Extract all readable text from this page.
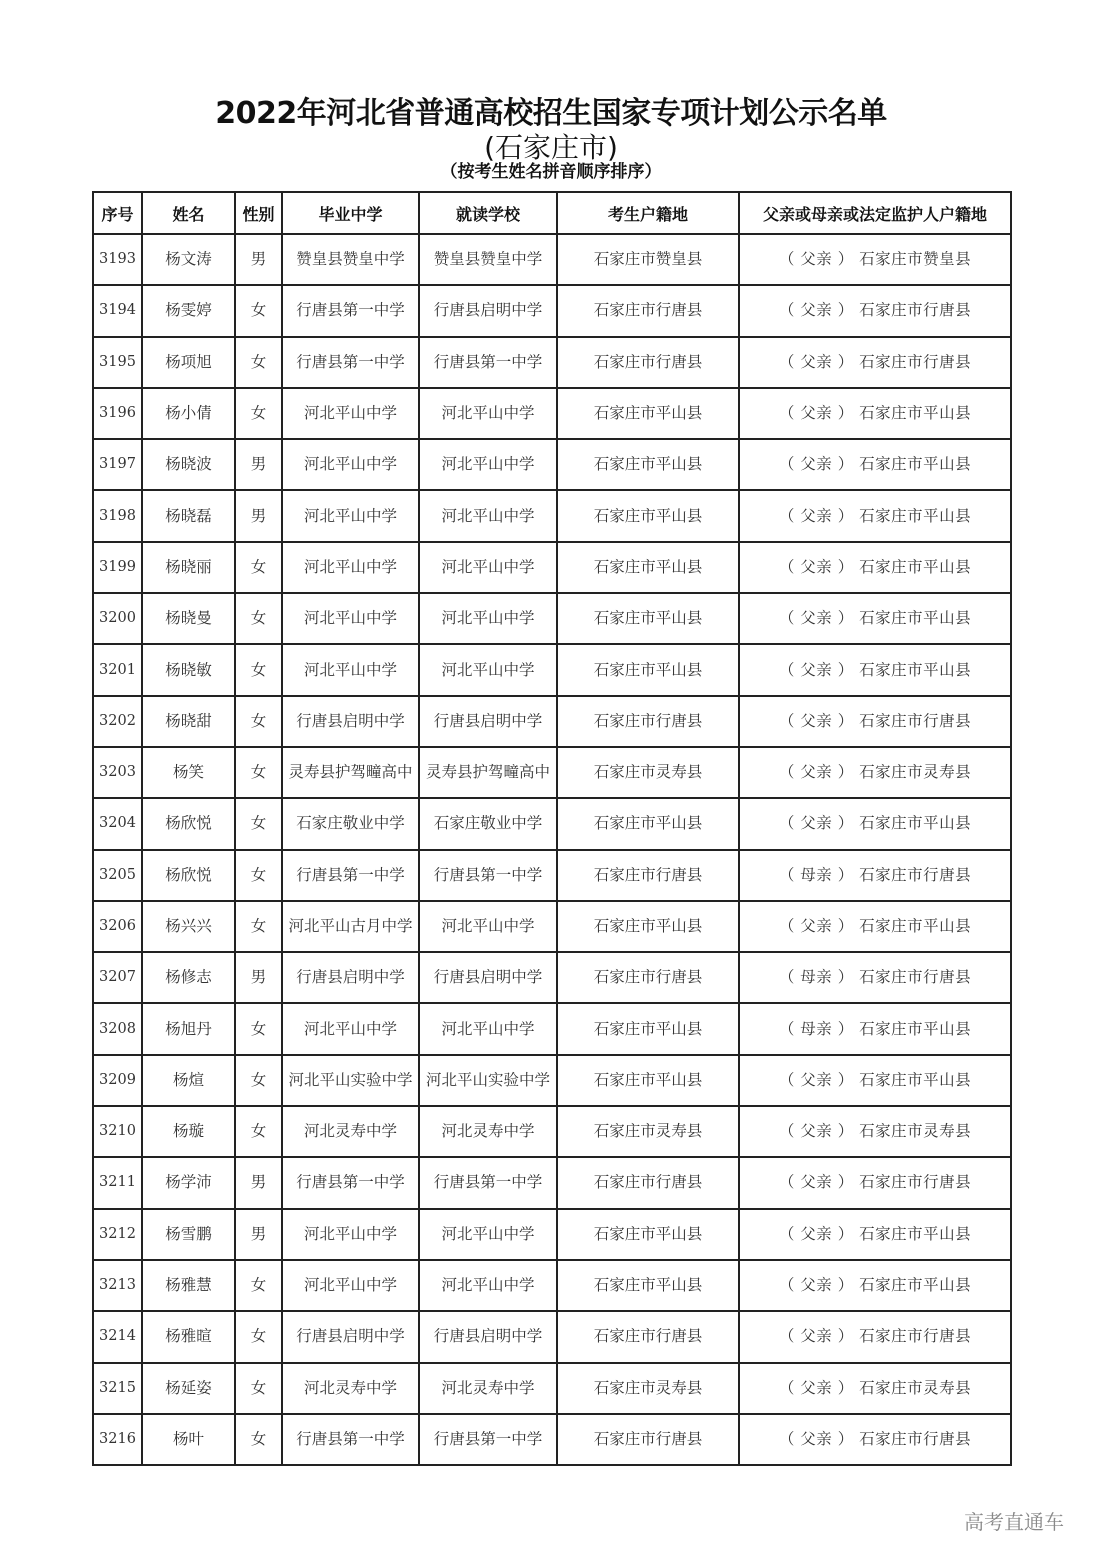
2022年河北省普通高校招生国家专项计划公示名单
(石家庄市)
（按考生姓名拼音顺序排序）
序号	姓名	性别	毕业中学	就读学校	考生户籍地	父亲或母亲或法定监护人户籍地
3193	杨文涛	男	赞皇县赞皇中学	赞皇县赞皇中学	石家庄市赞皇县	（ 父亲 ） 石家庄市赞皇县
3194	杨雯婷	女	行唐县第一中学	行唐县启明中学	石家庄市行唐县	（ 父亲 ） 石家庄市行唐县
3195	杨项旭	女	行唐县第一中学	行唐县第一中学	石家庄市行唐县	（ 父亲 ） 石家庄市行唐县
3196	杨小倩	女	河北平山中学	河北平山中学	石家庄市平山县	（ 父亲 ） 石家庄市平山县
3197	杨晓波	男	河北平山中学	河北平山中学	石家庄市平山县	（ 父亲 ） 石家庄市平山县
3198	杨晓磊	男	河北平山中学	河北平山中学	石家庄市平山县	（ 父亲 ） 石家庄市平山县
3199	杨晓丽	女	河北平山中学	河北平山中学	石家庄市平山县	（ 父亲 ） 石家庄市平山县
3200	杨晓曼	女	河北平山中学	河北平山中学	石家庄市平山县	（ 父亲 ） 石家庄市平山县
3201	杨晓敏	女	河北平山中学	河北平山中学	石家庄市平山县	（ 父亲 ） 石家庄市平山县
3202	杨晓甜	女	行唐县启明中学	行唐县启明中学	石家庄市行唐县	（ 父亲 ） 石家庄市行唐县
3203	杨笑	女	灵寿县护驾疃高中	灵寿县护驾疃高中	石家庄市灵寿县	（ 父亲 ） 石家庄市灵寿县
3204	杨欣悦	女	石家庄敬业中学	石家庄敬业中学	石家庄市平山县	（ 父亲 ） 石家庄市平山县
3205	杨欣悦	女	行唐县第一中学	行唐县第一中学	石家庄市行唐县	（ 母亲 ） 石家庄市行唐县
3206	杨兴兴	女	河北平山古月中学	河北平山中学	石家庄市平山县	（ 父亲 ） 石家庄市平山县
3207	杨修志	男	行唐县启明中学	行唐县启明中学	石家庄市行唐县	（ 母亲 ） 石家庄市行唐县
3208	杨旭丹	女	河北平山中学	河北平山中学	石家庄市平山县	（ 母亲 ） 石家庄市平山县
3209	杨煊	女	河北平山实验中学	河北平山实验中学	石家庄市平山县	（ 父亲 ） 石家庄市平山县
3210	杨璇	女	河北灵寿中学	河北灵寿中学	石家庄市灵寿县	（ 父亲 ） 石家庄市灵寿县
3211	杨学沛	男	行唐县第一中学	行唐县第一中学	石家庄市行唐县	（ 父亲 ） 石家庄市行唐县
3212	杨雪鹏	男	河北平山中学	河北平山中学	石家庄市平山县	（ 父亲 ） 石家庄市平山县
3213	杨雅慧	女	河北平山中学	河北平山中学	石家庄市平山县	（ 父亲 ） 石家庄市平山县
3214	杨雅暄	女	行唐县启明中学	行唐县启明中学	石家庄市行唐县	（ 父亲 ） 石家庄市行唐县
3215	杨延姿	女	河北灵寿中学	河北灵寿中学	石家庄市灵寿县	（ 父亲 ） 石家庄市灵寿县
3216	杨叶	女	行唐县第一中学	行唐县第一中学	石家庄市行唐县	（ 父亲 ） 石家庄市行唐县
高考直通车
